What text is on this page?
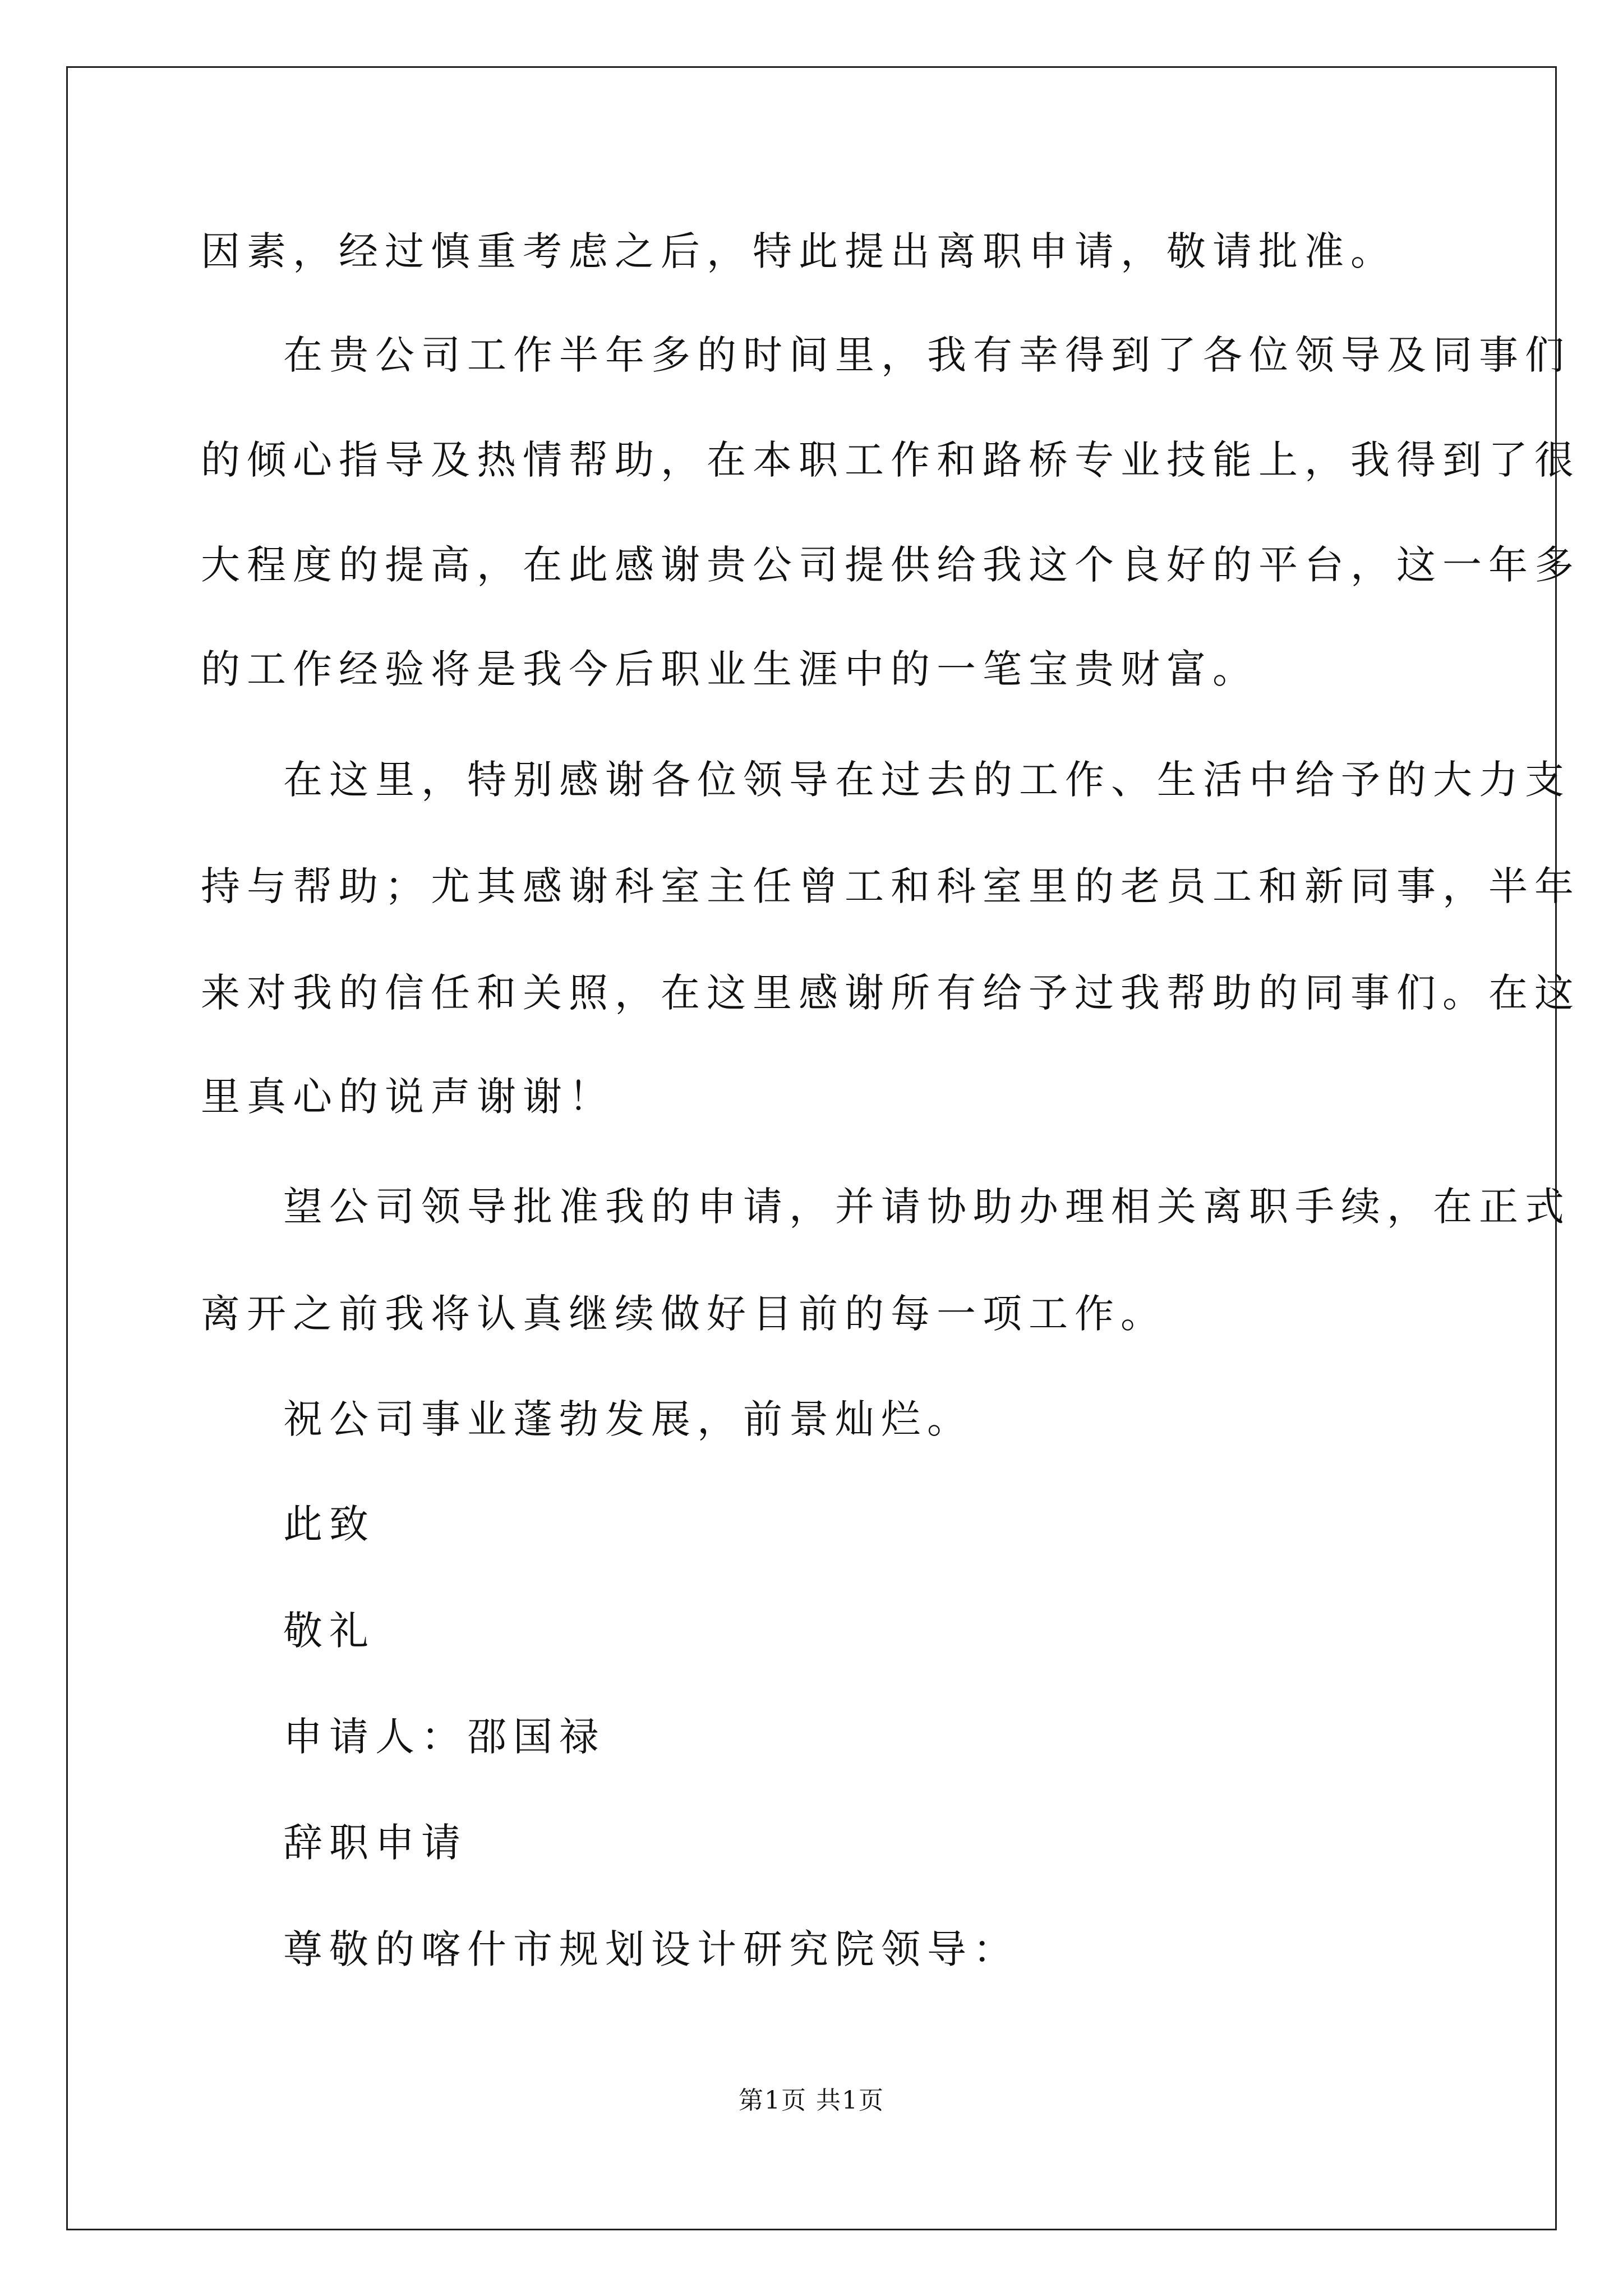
因素，经过慎重考虑之后，特此提出离职申请，敬请批准。

在贵公司工作半年多的时间里，我有幸得到了各位领导及同事们

的倾心指导及热情帮助，在本职工作和路桥专业技能上，我得到了很

大程度的提高，在此感谢贵公司提供给我这个良好的平台，这一年多

的工作经验将是我今后职业生涯中的一笔宝贵财富。

在这里，特别感谢各位领导在过去的工作、生活中给予的大力支

持与帮助；尤其感谢科室主任曾工和科室里的老员工和新同事，半年

来对我的信任和关照，在这里感谢所有给予过我帮助的同事们。在这

里真心的说声谢谢！

望公司领导批准我的申请，并请协助办理相关离职手续，在正式

离开之前我将认真继续做好目前的每一项工作。

祝公司事业蓬勃发展，前景灿烂。

此致

敬礼

申请人：邵国禄

辞职申请

尊敬的喀什市规划设计研究院领导：

第1页 共1页
